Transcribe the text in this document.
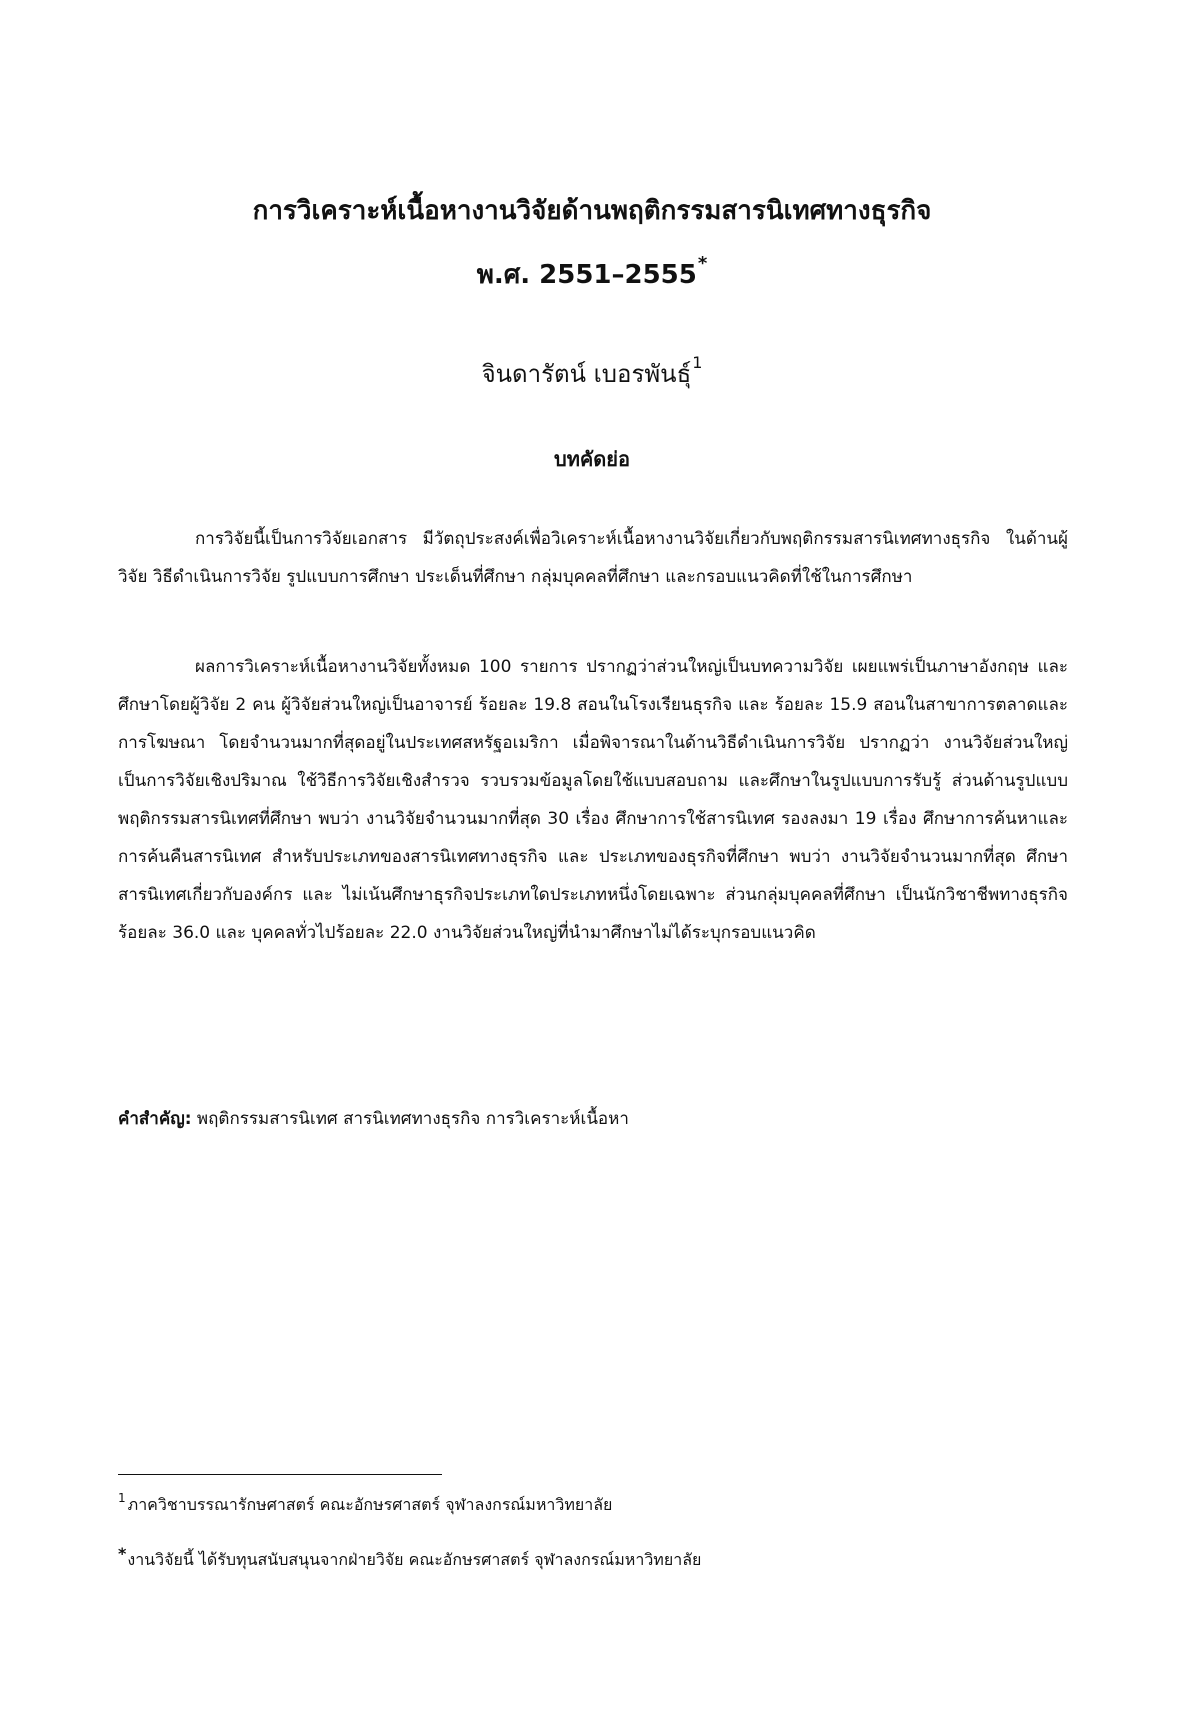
การวิเคราะห์เนื้อหางานวิจัยด้านพฤติกรรมสารนิเทศทางธุรกิจ
พ.ศ. 2551–2555*

จินดารัตน์ เบอรพันธุ์$^1$

บทคัดย่อ

การวิจัยนี้เป็นการวิจัยเอกสาร มีวัตถุประสงค์เพื่อวิเคราะห์เนื้อหางานวิจัยเกี่ยวกับพฤติกรรมสารนิเทศทางธุรกิจ ในด้านผู้วิจัย วิธีดำเนินการวิจัย รูปแบบการศึกษา ประเด็นที่ศึกษา กลุ่มบุคคลที่ศึกษา และกรอบแนวคิดที่ใช้ในการศึกษา

ผลการวิเคราะห์เนื้อหางานวิจัยทั้งหมด 100 รายการ ปรากฏว่าส่วนใหญ่เป็นบทความวิจัย เผยแพร่เป็นภาษาอังกฤษ และศึกษาโดยผู้วิจัย 2 คน ผู้วิจัยส่วนใหญ่เป็นอาจารย์ ร้อยละ 19.8 สอนในโรงเรียนธุรกิจ และ ร้อยละ 15.9 สอนในสาขาการตลาดและการโฆษณา โดยจำนวนมากที่สุดอยู่ในประเทศสหรัฐอเมริกา เมื่อพิจารณาในด้านวิธีดำเนินการวิจัย ปรากฏว่า งานวิจัยส่วนใหญ่ เป็นการวิจัยเชิงปริมาณ ใช้วิธีการวิจัยเชิงสำรวจ รวบรวมข้อมูลโดยใช้แบบสอบถาม และศึกษาในรูปแบบการรับรู้ ส่วนด้านรูปแบบพฤติกรรมสารนิเทศที่ศึกษา พบว่า งานวิจัยจำนวนมากที่สุด 30 เรื่อง ศึกษาการใช้สารนิเทศ รองลงมา 19 เรื่อง ศึกษาการค้นหาและการค้นคืนสารนิเทศ สำหรับประเภทของสารนิเทศทางธุรกิจ และ ประเภทของธุรกิจที่ศึกษา พบว่า งานวิจัยจำนวนมากที่สุด ศึกษาสารนิเทศเกี่ยวกับองค์กร และ ไม่เน้นศึกษาธุรกิจประเภทใดประเภทหนึ่งโดยเฉพาะ ส่วนกลุ่มบุคคลที่ศึกษา เป็นนักวิชาชีพทางธุรกิจ ร้อยละ 36.0 และ บุคคลทั่วไปร้อยละ 22.0 งานวิจัยส่วนใหญ่ที่นำมาศึกษาไม่ได้ระบุกรอบแนวคิด

คำสำคัญ: พฤติกรรมสารนิเทศ สารนิเทศทางธุรกิจ การวิเคราะห์เนื้อหา

$^1$ ภาควิชาบรรณารักษศาสตร์ คณะอักษรศาสตร์ จุฬาลงกรณ์มหาวิทยาลัย

*งานวิจัยนี้ ได้รับทุนสนับสนุนจากฝ่ายวิจัย คณะอักษรศาสตร์ จุฬาลงกรณ์มหาวิทยาลัย
